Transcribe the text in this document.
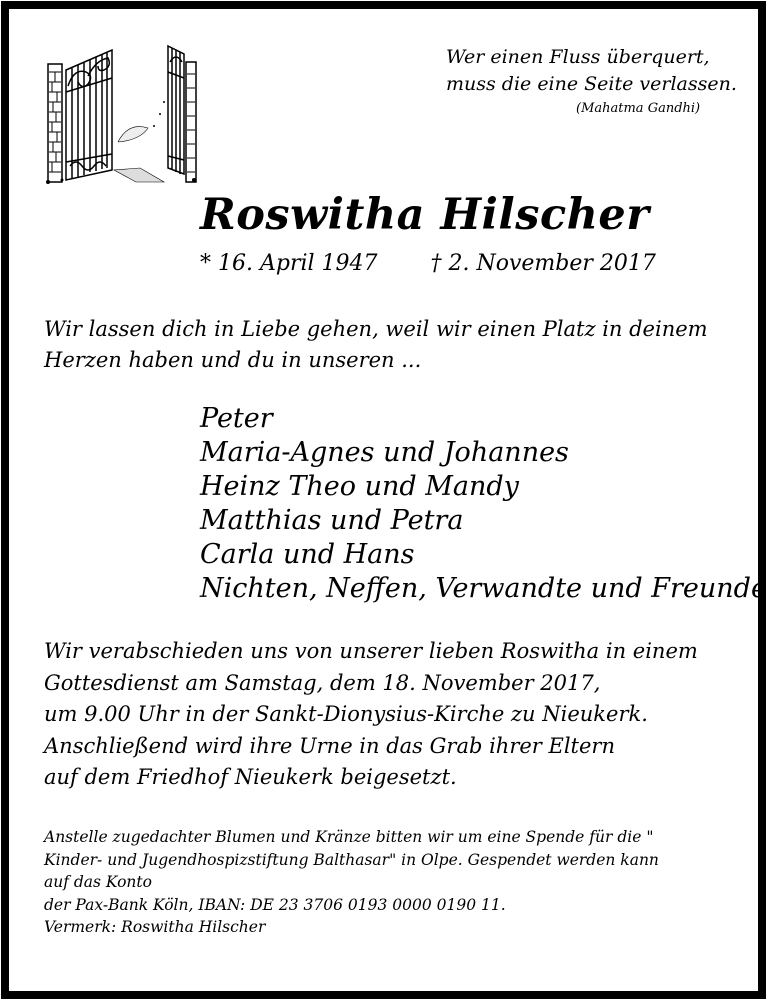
Wer einen Fluss überquert,
muss die eine Seite verlassen.
(Mahatma Gandhi)
Roswitha Hilscher
* 16. April 1947 † 2. November 2017
Wir lassen dich in Liebe gehen, weil wir einen Platz in deinem
Herzen haben und du in unseren ...
Peter
Maria-Agnes und Johannes
Heinz Theo und Mandy
Matthias und Petra
Carla und Hans
Nichten, Neffen, Verwandte und Freunde
Wir verabschieden uns von unserer lieben Roswitha in einem
Gottesdienst am Samstag, dem 18. November 2017,
um 9.00 Uhr in der Sankt-Dionysius-Kirche zu Nieukerk.
Anschließend wird ihre Urne in das Grab ihrer Eltern
auf dem Friedhof Nieukerk beigesetzt.
Anstelle zugedachter Blumen und Kränze bitten wir um eine Spende für die "
Kinder- und Jugendhospizstiftung Balthasar" in Olpe. Gespendet werden kann
auf das Konto
der Pax-Bank Köln, IBAN: DE 23 3706 0193 0000 0190 11.
Vermerk: Roswitha Hilscher
